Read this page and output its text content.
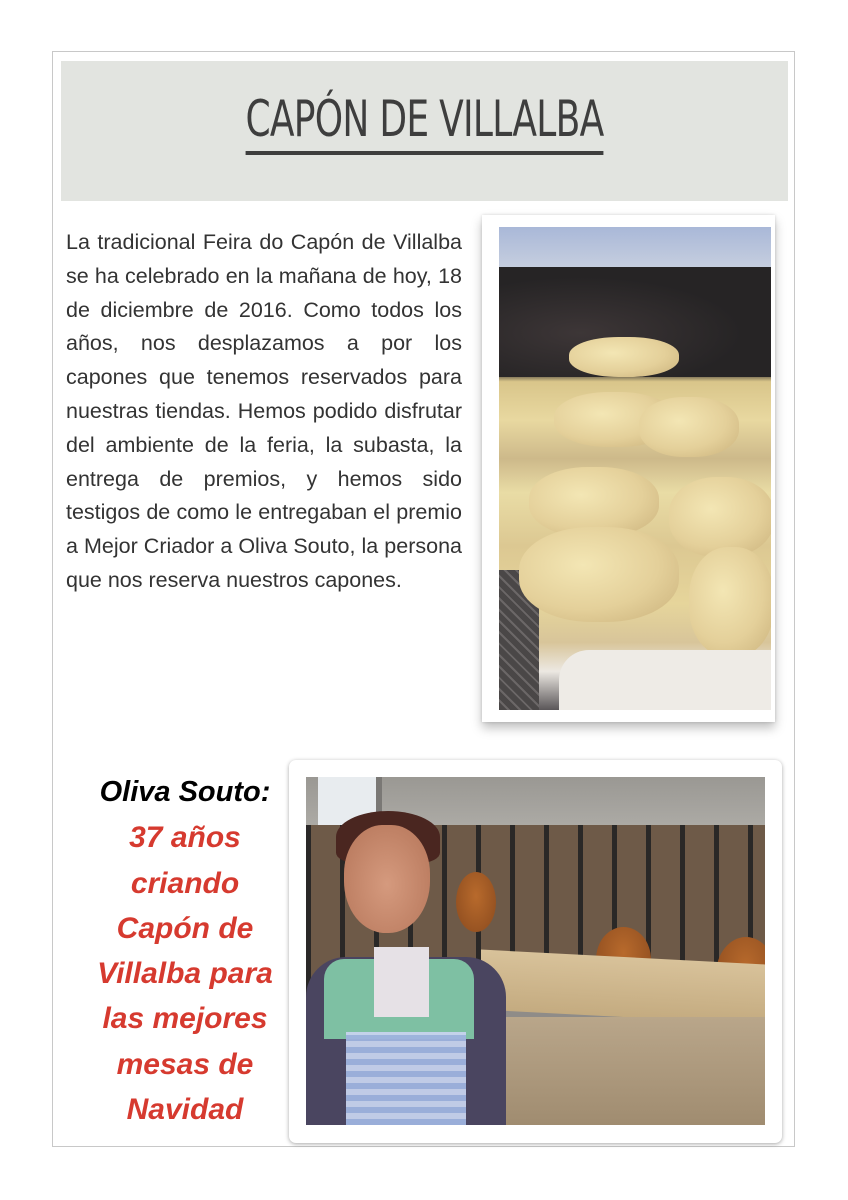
CAPÓN DE VILLALBA

La tradicional Feira do Capón de Villalba se ha celebrado en la mañana de hoy, 18 de diciembre de 2016. Como todos los años, nos desplazamos a por los capones que tenemos reservados para nuestras tiendas. Hemos podido disfrutar del ambiente de la feria, la subasta, la entrega de premios, y hemos sido testigos de como le entregaban el premio a Mejor Criador a Oliva Souto, la persona que nos reserva nuestros capones.

Oliva Souto:
37 años
criando
Capón de
Villalba para
las mejores
mesas de
Navidad
